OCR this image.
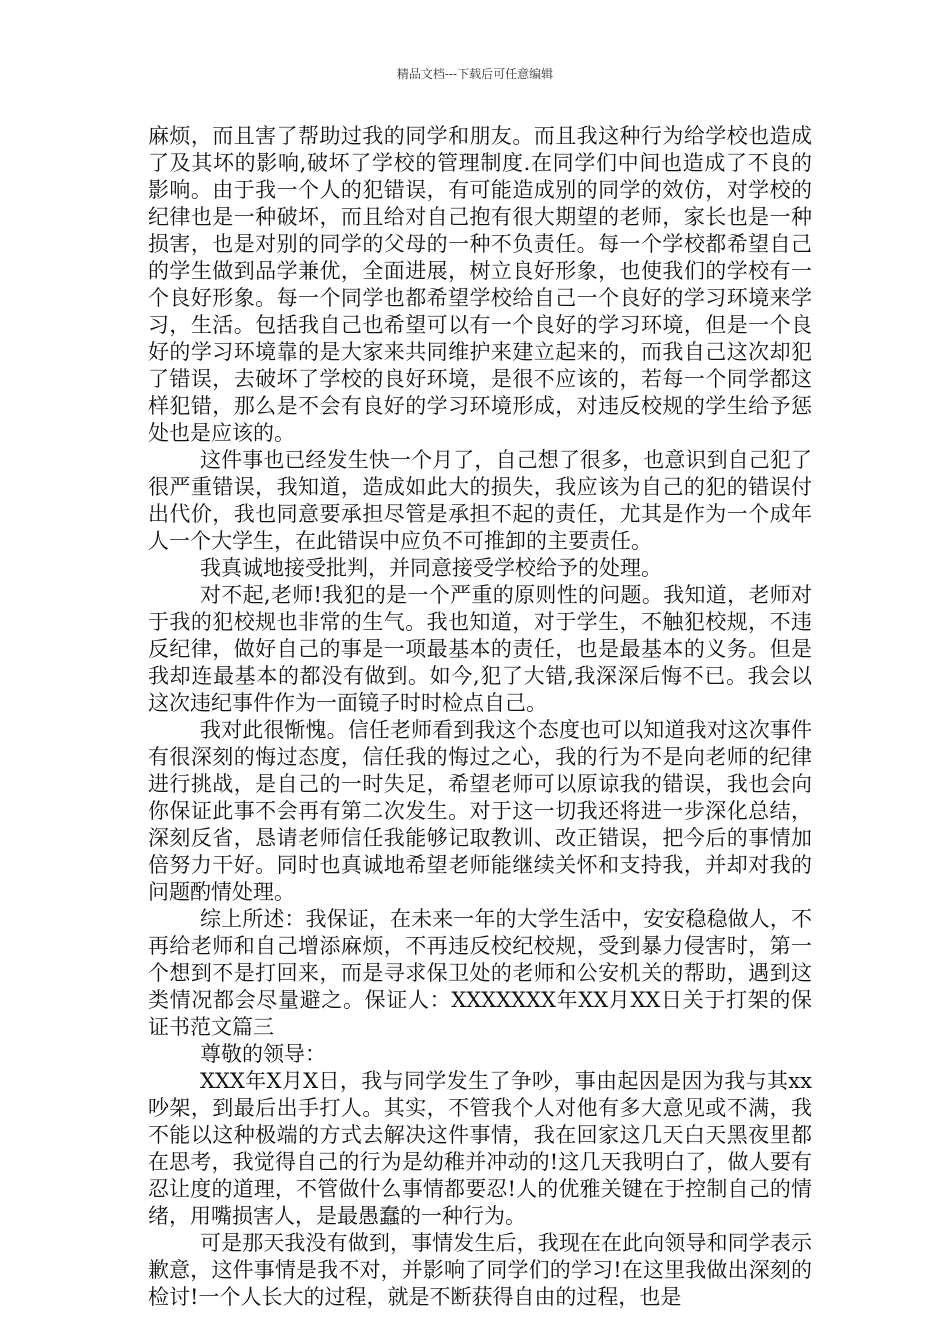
精品文档---下载后可任意编辑

麻烦，而且害了帮助过我的同学和朋友。而且我这种行为给学校也造成了及其坏的影响,破坏了学校的管理制度.在同学们中间也造成了不良的影响。由于我一个人的犯错误，有可能造成别的同学的效仿，对学校的纪律也是一种破坏，而且给对自己抱有很大期望的老师，家长也是一种损害，也是对别的同学的父母的一种不负责任。每一个学校都希望自己的学生做到品学兼优，全面进展，树立良好形象，也使我们的学校有一个良好形象。每一个同学也都希望学校给自己一个良好的学习环境来学习，生活。包括我自己也希望可以有一个良好的学习环境，但是一个良好的学习环境靠的是大家来共同维护来建立起来的，而我自己这次却犯了错误，去破坏了学校的良好环境，是很不应该的，若每一个同学都这样犯错，那么是不会有良好的学习环境形成，对违反校规的学生给予惩处也是应该的。

这件事也已经发生快一个月了，自己想了很多，也意识到自己犯了很严重错误，我知道，造成如此大的损失，我应该为自己的犯的错误付出代价，我也同意要承担尽管是承担不起的责任，尤其是作为一个成年人一个大学生，在此错误中应负不可推卸的主要责任。

我真诚地接受批判，并同意接受学校给予的处理。

对不起,老师!我犯的是一个严重的原则性的问题。我知道，老师对于我的犯校规也非常的生气。我也知道，对于学生，不触犯校规，不违反纪律，做好自己的事是一项最基本的责任，也是最基本的义务。但是我却连最基本的都没有做到。如今,犯了大错,我深深后悔不已。我会以这次违纪事件作为一面镜子时时检点自己。

我对此很惭愧。信任老师看到我这个态度也可以知道我对这次事件有很深刻的悔过态度，信任我的悔过之心，我的行为不是向老师的纪律进行挑战，是自己的一时失足，希望老师可以原谅我的错误，我也会向你保证此事不会再有第二次发生。对于这一切我还将进一步深化总结，深刻反省，恳请老师信任我能够记取教训、改正错误，把今后的事情加倍努力干好。同时也真诚地希望老师能继续关怀和支持我，并却对我的问题酌情处理。

综上所述：我保证，在未来一年的大学生活中，安安稳稳做人，不再给老师和自己增添麻烦，不再违反校纪校规，受到暴力侵害时，第一个想到不是打回来，而是寻求保卫处的老师和公安机关的帮助，遇到这类情况都会尽量避之。保证人：XXXXXXX年XX月XX日关于打架的保证书范文篇三

尊敬的领导：

XXX年X月X日，我与同学发生了争吵，事由起因是因为我与其xx吵架，到最后出手打人。其实，不管我个人对他有多大意见或不满，我不能以这种极端的方式去解决这件事情，我在回家这几天白天黑夜里都在思考，我觉得自己的行为是幼稚并冲动的!这几天我明白了，做人要有忍让度的道理，不管做什么事情都要忍!人的优雅关键在于控制自己的情绪，用嘴损害人，是最愚蠢的一种行为。

可是那天我没有做到，事情发生后，我现在在此向领导和同学表示歉意，这件事情是我不对，并影响了同学们的学习!在这里我做出深刻的检讨!一个人长大的过程，就是不断获得自由的过程，也是
